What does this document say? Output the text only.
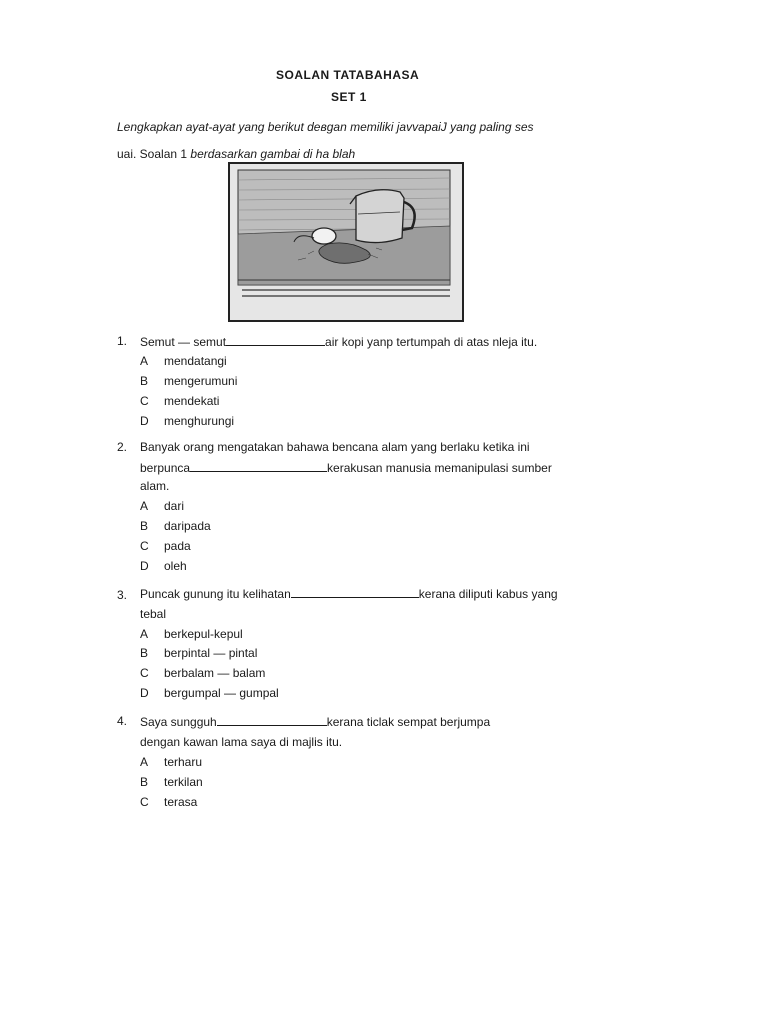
SOALAN TATABAHASA
SET 1
Lengkapkan ayat-ayat yang berikut deвgan memiliki javvapaiJ yang paling ses
uai. Soalan 1 berdasarkan gambai di ha blah
1. Semut — semut	air kopi yanp tertumpah di atas nleja itu.
A mendatangi
B mengerumuni
C mendekati
D menghurungi
2. Banyak orang mengatakan bahawa bencana alam yang berlaku ketika ini
berpunca	kerakusan manusia memanipulasi sumber
alam.
A dari
B daripada
C pada
D oleh
3. Puncak gunung itu kelihatan	kerana diliputi kabus yang
tebal
A berkepul-kepul
B berpintal — pintal
C berbalam — balam
D bergumpal — gumpal
4. Saya sungguh	kerana ticlak sempat berjumpa
dengan kawan lama saya di majlis itu.
A terharu
B terkilan
C terasa
